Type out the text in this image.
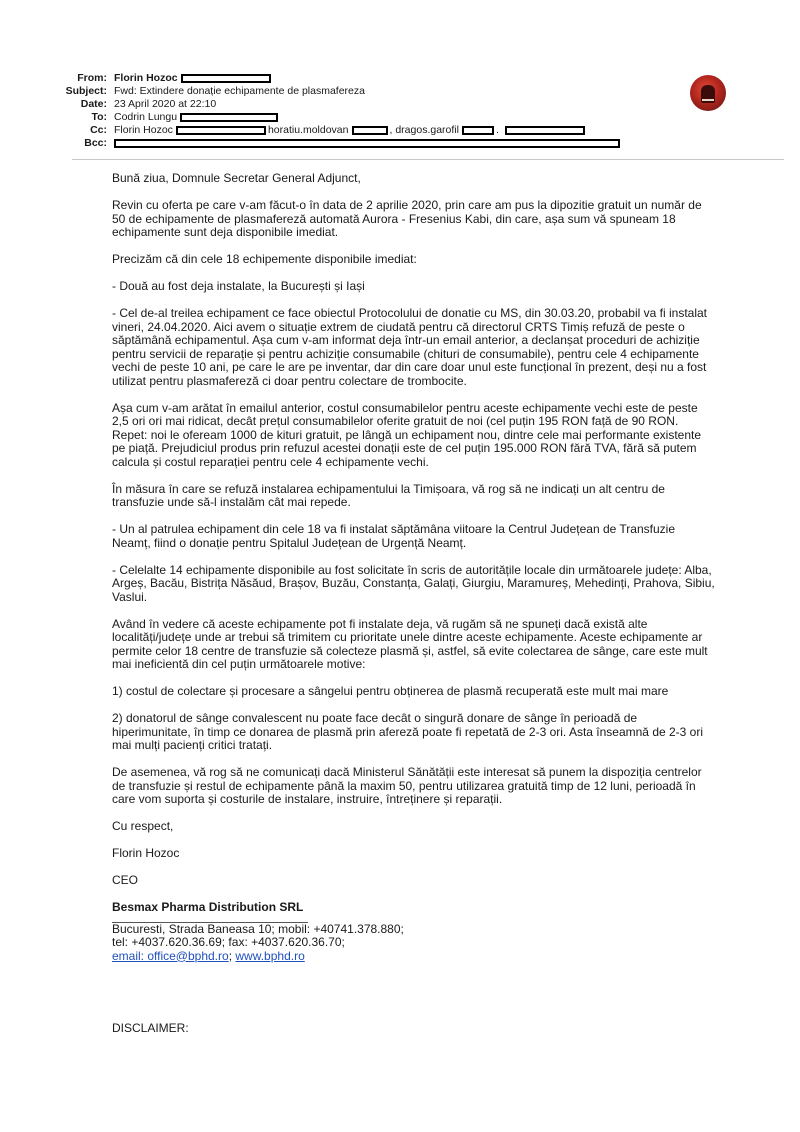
From: Florin Hozoc
Subject: Fwd: Extindere donație echipamente de plasmafereza
Date: 23 April 2020 at 22:10
To: Codrin Lungu
Cc: Florin Hozoc	horatiu.moldovan	, dragos.garofil	.
Bcc:

Bună ziua, Domnule Secretar General Adjunct,

Revin cu oferta pe care v-am făcut-o în data de 2 aprilie 2020, prin care am pus la dipozitie gratuit un număr de 50 de echipamente de plasmafereză automată Aurora - Fresenius Kabi, din care, așa sum vă spuneam 18 echipamente sunt deja disponibile imediat.

Precizăm că din cele 18 echipemente disponibile imediat:

- Două au fost deja instalate, la București și Iași

- Cel de-al treilea echipament ce face obiectul Protocolului de donatie cu MS, din 30.03.20, probabil va fi instalat vineri, 24.04.2020. Aici avem o situație extrem de ciudată pentru că directorul CRTS Timiș refuză de peste o săptămână echipamentul. Așa cum v-am informat deja într-un email anterior, a declanșat proceduri de achiziție pentru servicii de reparație și pentru achiziție consumabile (chituri de consumabile), pentru cele 4 echipamente vechi de peste 10 ani, pe care le are pe inventar, dar din care doar unul este funcțional în prezent, deși nu a fost utilizat pentru plasmafereză ci doar pentru colectare de trombocite.

Așa cum v-am arătat în emailul anterior, costul consumabilelor pentru aceste echipamente vechi este de peste 2,5 ori ori mai ridicat, decât prețul consumabilelor oferite gratuit de noi (cel puțin 195 RON față de 90 RON. Repet: noi le ofeream 1000 de kituri gratuit, pe lângă un echipament nou, dintre cele mai performante existente pe piață. Prejudiciul produs prin refuzul acestei donații este de cel puțin 195.000 RON fără TVA, fără să putem calcula și costul reparației pentru cele 4 echipamente vechi.

În măsura în care se refuză instalarea echipamentului la Timișoara, vă rog să ne indicați un alt centru de transfuzie unde să-l instalăm cât mai repede.

- Un al patrulea echipament din cele 18 va fi instalat săptămâna viitoare la Centrul Județean de Transfuzie Neamț, fiind o donație pentru Spitalul Județean de Urgență Neamț.

- Celelalte 14 echipamente disponibile au fost solicitate în scris de autoritățile locale din următoarele județe: Alba, Argeș, Bacău, Bistrița Năsăud, Brașov, Buzău, Constanța, Galați, Giurgiu, Maramureș, Mehedinți, Prahova, Sibiu, Vaslui.

Având în vedere că aceste echipamente pot fi instalate deja, vă rugăm să ne spuneți dacă există alte localități/județe unde ar trebui să trimitem cu prioritate unele dintre aceste echipamente. Aceste echipamente ar permite celor 18 centre de transfuzie să colecteze plasmă și, astfel, să evite colectarea de sânge, care este mult mai ineficientă din cel puțin următoarele motive:

1) costul de colectare și procesare a sângelui pentru obținerea de plasmă recuperată este mult mai mare

2) donatorul de sânge convalescent nu poate face decât o singură donare de sânge în perioadă de hiperimunitate, în timp ce donarea de plasmă prin afereză poate fi repetată de 2-3 ori. Asta înseamnă de 2-3 ori mai mulți pacienți critici tratați.

De asemenea, vă rog să ne comunicați dacă Ministerul Sănătății este interesat să punem la dispoziția centrelor de transfuzie și restul de echipamente până la maxim 50, pentru utilizarea gratuită timp de 12 luni, perioadă în care vom suporta și costurile de instalare, instruire, întreținere și reparații.

Cu respect,

Florin Hozoc

CEO

Besmax Pharma Distribution SRL
Bucuresti, Strada Baneasa 10; mobil: +40741.378.880;
tel: +4037.620.36.69; fax: +4037.620.36.70;
email: office@bphd.ro; www.bphd.ro
DISCLAIMER:
